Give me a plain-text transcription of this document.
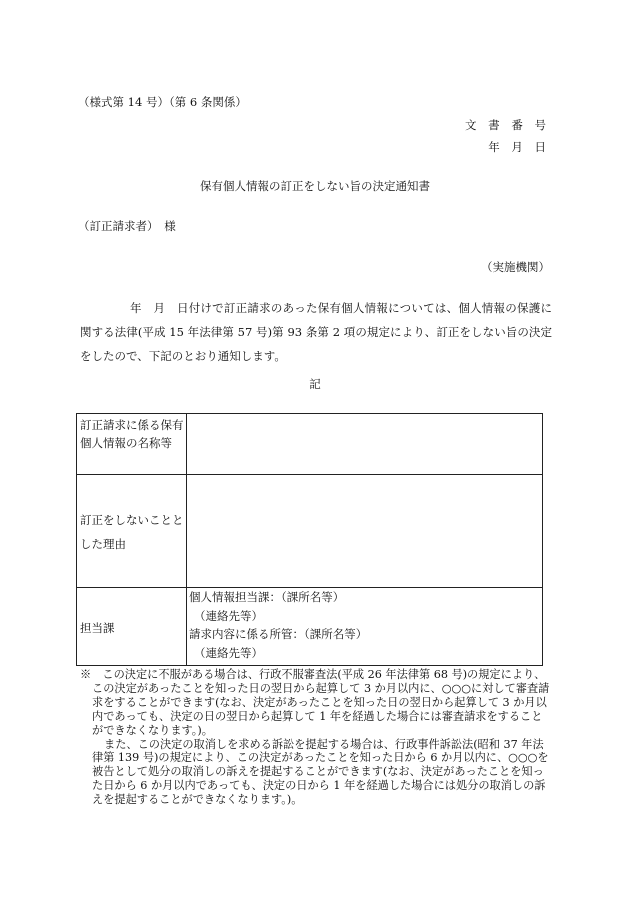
（様式第 14 号）（第 6 条関係）
文 書 番 号
年 月 日
保有個人情報の訂正をしない旨の決定通知書
（訂正請求者）　様
（実施機関）
年　月　日付けで訂正請求のあった保有個人情報については、個人情報の保護に関する法律(平成 15 年法律第 57 号)第 93 条第 2 項の規定により、訂正をしない旨の決定をしたので、下記のとおり通知します。
記
訂正請求に係る保有個人情報の名称等	
訂正をしないこととした理由	
担当課	個人情報担当課：（課所名等）
（連絡先等）
請求内容に係る所管：（課所名等）
（連絡先等）

※　この決定に不服がある場合は、行政不服審査法(平成 26 年法律第 68 号)の規定により、この決定があったことを知った日の翌日から起算して 3 か月以内に、○○○に対して審査請求をすることができます(なお、決定があったことを知った日の翌日から起算して 3 か月以内であっても、決定の日の翌日から起算して 1 年を経過した場合には審査請求をすることができなくなります。)。

また、この決定の取消しを求める訴訟を提起する場合は、行政事件訴訟法(昭和 37 年法律第 139 号)の規定により、この決定があったことを知った日から 6 か月以内に、○○○を被告として処分の取消しの訴えを提起することができます(なお、決定があったことを知った日から 6 か月以内であっても、決定の日から 1 年を経過した場合には処分の取消しの訴えを提起することができなくなります。)。
